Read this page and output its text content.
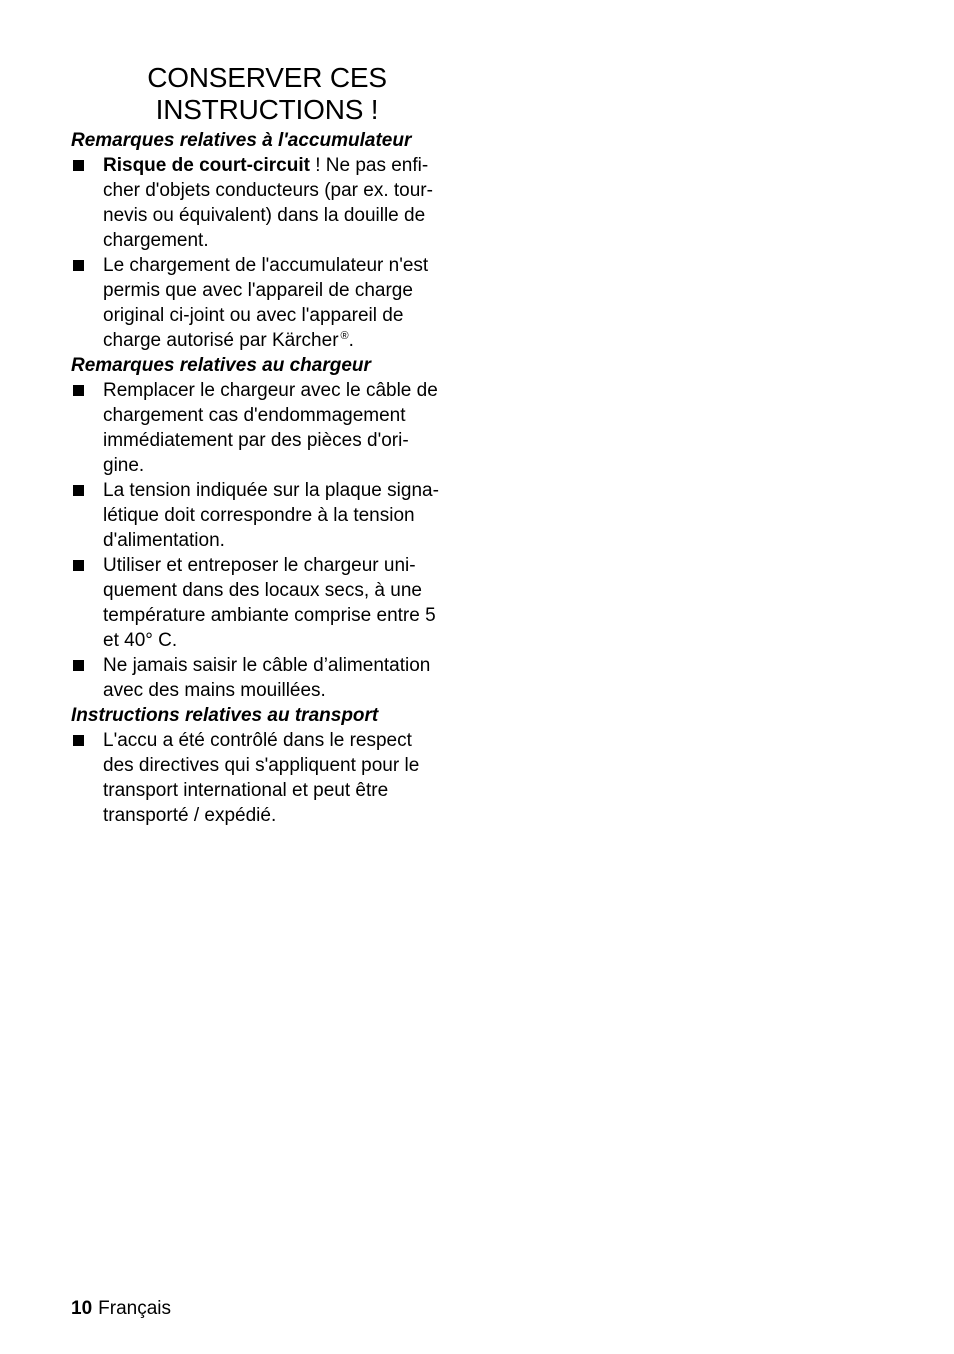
CONSERVER CES
INSTRUCTIONS !
Remarques relatives à l'accumulateur
Risque de court-circuit ! Ne pas enfi-
cher d'objets conducteurs (par ex. tour-
nevis ou équivalent) dans la douille de
chargement.
Le chargement de l'accumulateur n'est
permis que avec l'appareil de charge
original ci-joint ou avec l'appareil de
charge autorisé par Kärcher ®.
Remarques relatives au chargeur
Remplacer le chargeur avec le câble de
chargement cas d'endommagement
immédiatement par des pièces d'ori-
gine.
La tension indiquée sur la plaque signa-
létique doit correspondre à la tension
d'alimentation.
Utiliser et entreposer le chargeur uni-
quement dans des locaux secs, à une
température ambiante comprise entre 5
et 40° C.
Ne jamais saisir le câble d’alimentation
avec des mains mouillées.
Instructions relatives au transport
L'accu a été contrôlé dans le respect
des directives qui s'appliquent pour le
transport international et peut être
transporté / expédié.
10 Français
